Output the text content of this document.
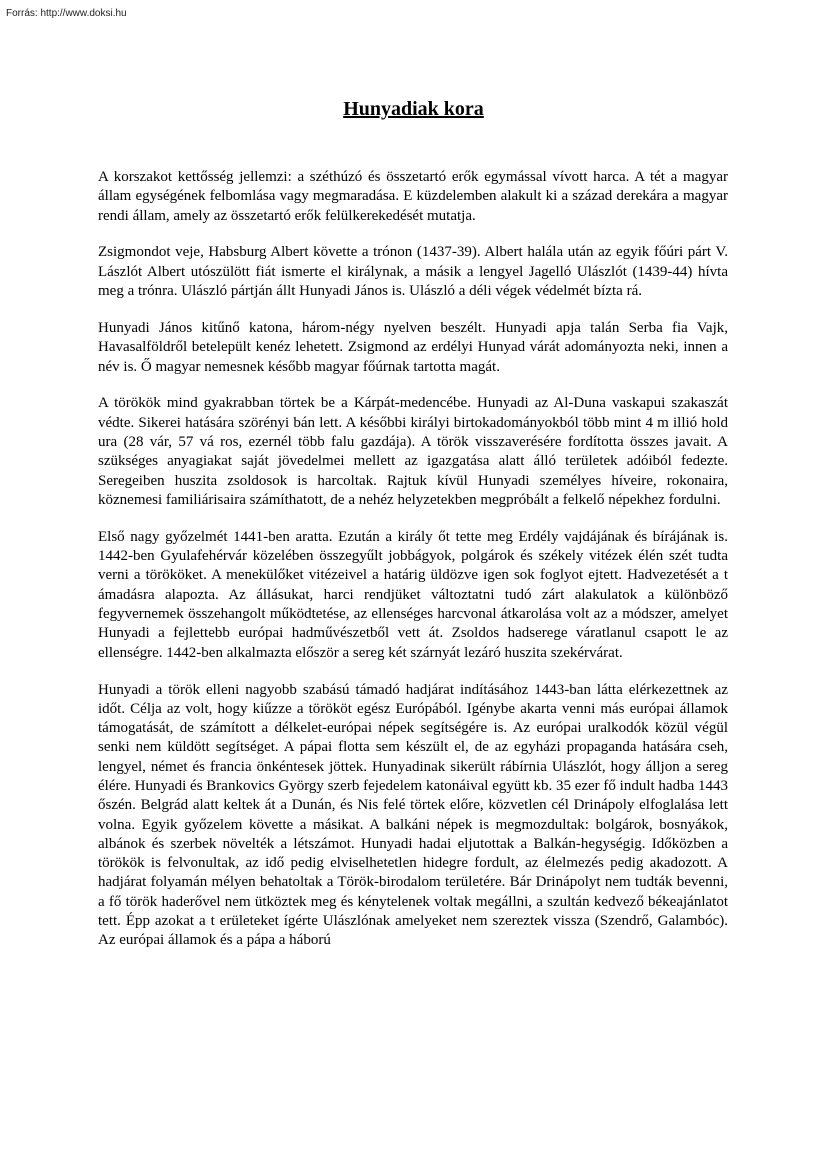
Forrás: http://www.doksi.hu
Hunyadiak kora

A korszakot kettősség jellemzi: a széthúzó és összetartó erők egymással vívott harca. A tét a magyar állam egységének felbomlása vagy megmaradása. E küzdelemben alakult ki a század derekára a magyar rendi állam, amely az összetartó erők felülkerekedését mutatja.

Zsigmondot veje, Habsburg Albert követte a trónon (1437-39). Albert halála után az egyik főúri párt V. Lászlót Albert utószülött fiát ismerte el királynak, a másik a lengyel Jagelló Ulászlót (1439-44) hívta meg a trónra. Ulászló pártján állt Hunyadi János is. Ulászló a déli végek védelmét bízta rá.

Hunyadi János kitűnő katona, három-négy nyelven beszélt. Hunyadi apja talán Serba fia Vajk, Havasalföldről betelepült kenéz lehetett. Zsigmond az erdélyi Hunyad várát adományozta neki, innen a név is. Ő magyar nemesnek később magyar főúrnak tartotta magát.

A törökök mind gyakrabban törtek be a Kárpát-medencébe. Hunyadi az Al-Duna vaskapui szakaszát védte. Sikerei hatására szörényi bán lett. A későbbi királyi birtokadományokból több mint 4 m illió hold ura (28 vár, 57 vá ros, ezernél több falu gazdája). A török visszaverésére fordította összes javait. A szükséges anyagiakat saját jövedelmei mellett az igazgatása alatt álló területek adóiból fedezte. Seregeiben huszita zsoldosok is harcoltak. Rajtuk kívül Hunyadi személyes híveire, rokonaira, köznemesi familiárisaira számíthatott, de a nehéz helyzetekben megpróbált a felkelő népekhez fordulni.

Első nagy győzelmét 1441-ben aratta. Ezután a király őt tette meg Erdély vajdájának és bírájának is. 1442-ben Gyulafehérvár közelében összegyűlt jobbágyok, polgárok és székely vitézek élén szét tudta verni a törököket. A menekülőket vitézeivel a határig üldözve igen sok foglyot ejtett. Hadvezetését a t ámadásra alapozta. Az állásukat, harci rendjüket változtatni tudó zárt alakulatok a különböző fegyvernemek összehangolt működtetése, az ellenséges harcvonal átkarolása volt az a módszer, amelyet Hunyadi a fejlettebb európai hadművészetből vett át. Zsoldos hadserege váratlanul csapott le az ellenségre. 1442-ben alkalmazta először a sereg két szárnyát lezáró huszita szekérvárat.

Hunyadi a török elleni nagyobb szabású támadó hadjárat indításához 1443-ban látta elérkezettnek az időt. Célja az volt, hogy kiűzze a törököt egész Európából. Igénybe akarta venni más európai államok támogatását, de számított a délkelet-európai népek segítségére is. Az európai uralkodók közül végül senki nem küldött segítséget. A pápai flotta sem készült el, de az egyházi propaganda hatására cseh, lengyel, német és francia önkéntesek jöttek. Hunyadinak sikerült rábírnia Ulászlót, hogy álljon a sereg élére. Hunyadi és Brankovics György szerb fejedelem katonáival együtt kb. 35 ezer fő indult hadba 1443 őszén. Belgrád alatt keltek át a Dunán, és Nis felé törtek előre, közvetlen cél Drinápoly elfoglalása lett volna. Egyik győzelem követte a másikat. A balkáni népek is megmozdultak: bolgárok, bosnyákok, albánok és szerbek növelték a létszámot. Hunyadi hadai eljutottak a Balkán-hegységig. Időközben a törökök is felvonultak, az idő pedig elviselhetetlen hidegre fordult, az élelmezés pedig akadozott. A hadjárat folyamán mélyen behatoltak a Török-birodalom területére. Bár Drinápolyt nem tudták bevenni, a fő török haderővel nem ütköztek meg és kénytelenek voltak megállni, a szultán kedvező békeajánlatot tett. Épp azokat a t erületeket ígérte Ulászlónak amelyeket nem szereztek vissza (Szendrő, Galambóc). Az európai államok és a pápa a háború
